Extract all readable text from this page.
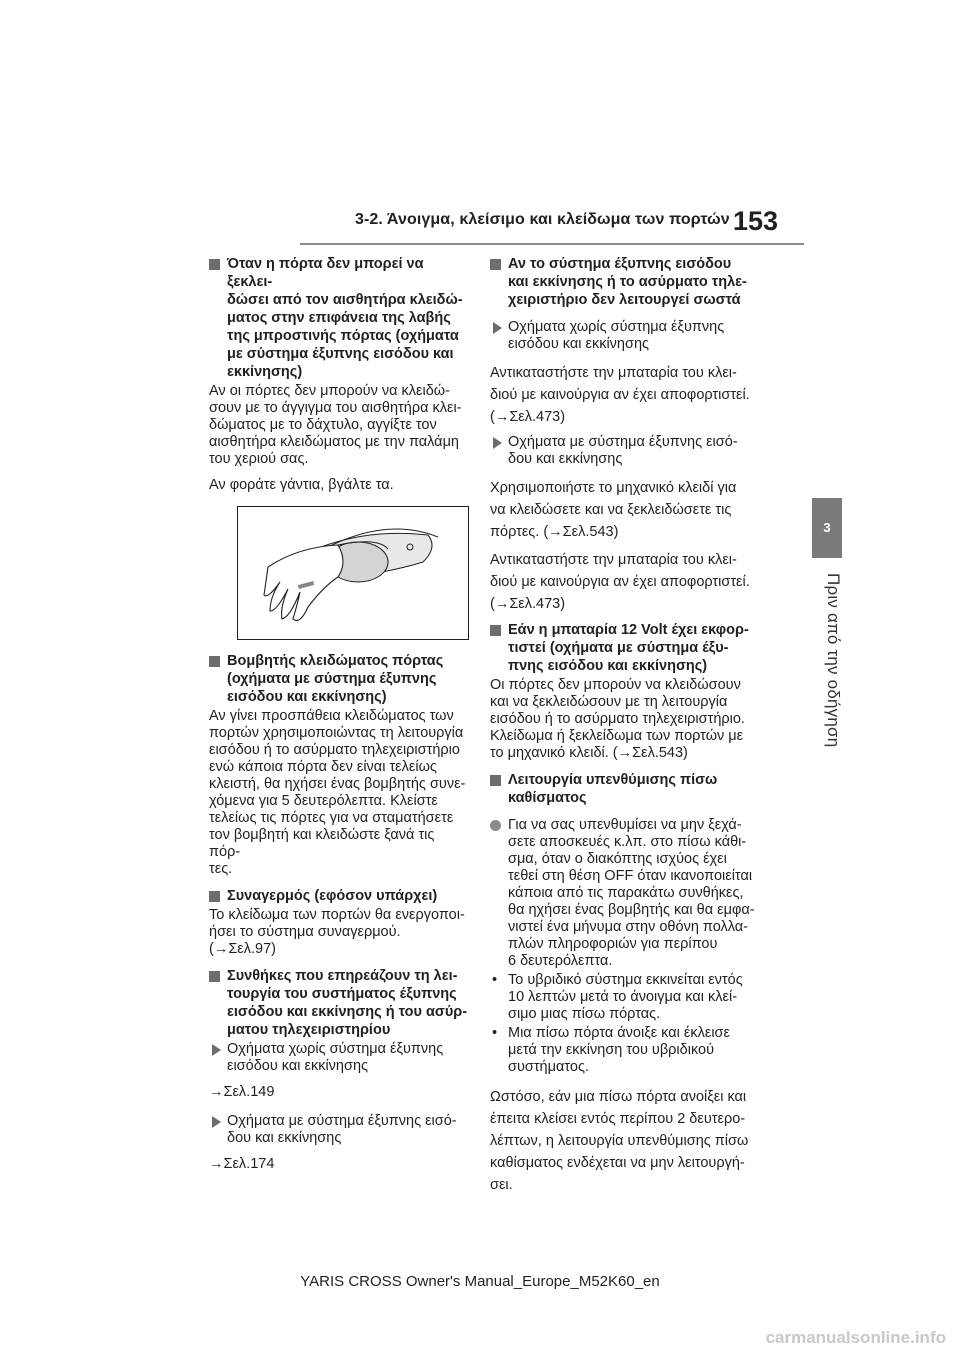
3-2. Άνοιγμα, κλείσιμο και κλείδωμα των πορτών 153
3
Πριν από την οδήγηση
Όταν η πόρτα δεν μπορεί να ξεκλει-
δώσει από τον αισθητήρα κλειδώ-
ματος στην επιφάνεια της λαβής
της μπροστινής πόρτας (οχήματα
με σύστημα έξυπνης εισόδου και
εκκίνησης)
Αν οι πόρτες δεν μπορούν να κλειδώ-
σουν με το άγγιγμα του αισθητήρα κλει-
δώματος με το δάχτυλο, αγγίξτε τον
αισθητήρα κλειδώματος με την παλάμη
του χεριού σας.
Αν φοράτε γάντια, βγάλτε τα.
Βομβητής κλειδώματος πόρτας
(οχήματα με σύστημα έξυπνης
εισόδου και εκκίνησης)
Αν γίνει προσπάθεια κλειδώματος των
πορτών χρησιμοποιώντας τη λειτουργία
εισόδου ή το ασύρματο τηλεχειριστήριο
ενώ κάποια πόρτα δεν είναι τελείως
κλειστή, θα ηχήσει ένας βομβητής συνε-
χόμενα για 5 δευτερόλεπτα. Κλείστε
τελείως τις πόρτες για να σταματήσετε
τον βομβητή και κλειδώστε ξανά τις πόρ-
τες.
Συναγερμός (εφόσον υπάρχει)
Το κλείδωμα των πορτών θα ενεργοποι-
ήσει το σύστημα συναγερμού.
(→Σελ.97)
Συνθήκες που επηρεάζουν τη λει-
τουργία του συστήματος έξυπνης
εισόδου και εκκίνησης ή του ασύρ-
ματου τηλεχειριστηρίου
Οχήματα χωρίς σύστημα έξυπνης
εισόδου και εκκίνησης
→Σελ.149
Οχήματα με σύστημα έξυπνης εισό-
δου και εκκίνησης
→Σελ.174
Αν το σύστημα έξυπνης εισόδου
και εκκίνησης ή το ασύρματο τηλε-
χειριστήριο δεν λειτουργεί σωστά
Οχήματα χωρίς σύστημα έξυπνης
εισόδου και εκκίνησης
Αντικαταστήστε την μπαταρία του κλει-
διού με καινούργια αν έχει αποφορτιστεί.
(→Σελ.473)
Οχήματα με σύστημα έξυπνης εισό-
δου και εκκίνησης
Χρησιμοποιήστε το μηχανικό κλειδί για
να κλειδώσετε και να ξεκλειδώσετε τις
πόρτες. (→Σελ.543)
Αντικαταστήστε την μπαταρία του κλει-
διού με καινούργια αν έχει αποφορτιστεί.
(→Σελ.473)
Εάν η μπαταρία 12 Volt έχει εκφορ-
τιστεί (οχήματα με σύστημα έξυ-
πνης εισόδου και εκκίνησης)
Οι πόρτες δεν μπορούν να κλειδώσουν
και να ξεκλειδώσουν με τη λειτουργία
εισόδου ή το ασύρματο τηλεχειριστήριο.
Κλείδωμα ή ξεκλείδωμα των πορτών με
το μηχανικό κλειδί. (→Σελ.543)
Λειτουργία υπενθύμισης πίσω
καθίσματος
Για να σας υπενθυμίσει να μην ξεχά-
σετε αποσκευές κ.λπ. στο πίσω κάθι-
σμα, όταν ο διακόπτης ισχύος έχει
τεθεί στη θέση OFF όταν ικανοποιείται
κάποια από τις παρακάτω συνθήκες,
θα ηχήσει ένας βομβητής και θα εμφα-
νιστεί ένα μήνυμα στην οθόνη πολλα-
πλών πληροφοριών για περίπου
6 δευτερόλεπτα.
• Το υβριδικό σύστημα εκκινείται εντός
10 λεπτών μετά το άνοιγμα και κλεί-
σιμο μιας πίσω πόρτας.
• Μια πίσω πόρτα άνοιξε και έκλεισε
μετά την εκκίνηση του υβριδικού
συστήματος.
Ωστόσο, εάν μια πίσω πόρτα ανοίξει και
έπειτα κλείσει εντός περίπου 2 δευτερο-
λέπτων, η λειτουργία υπενθύμισης πίσω
καθίσματος ενδέχεται να μην λειτουργή-
σει.
YARIS CROSS Owner's Manual_Europe_M52K60_en
carmanualsonline.info
